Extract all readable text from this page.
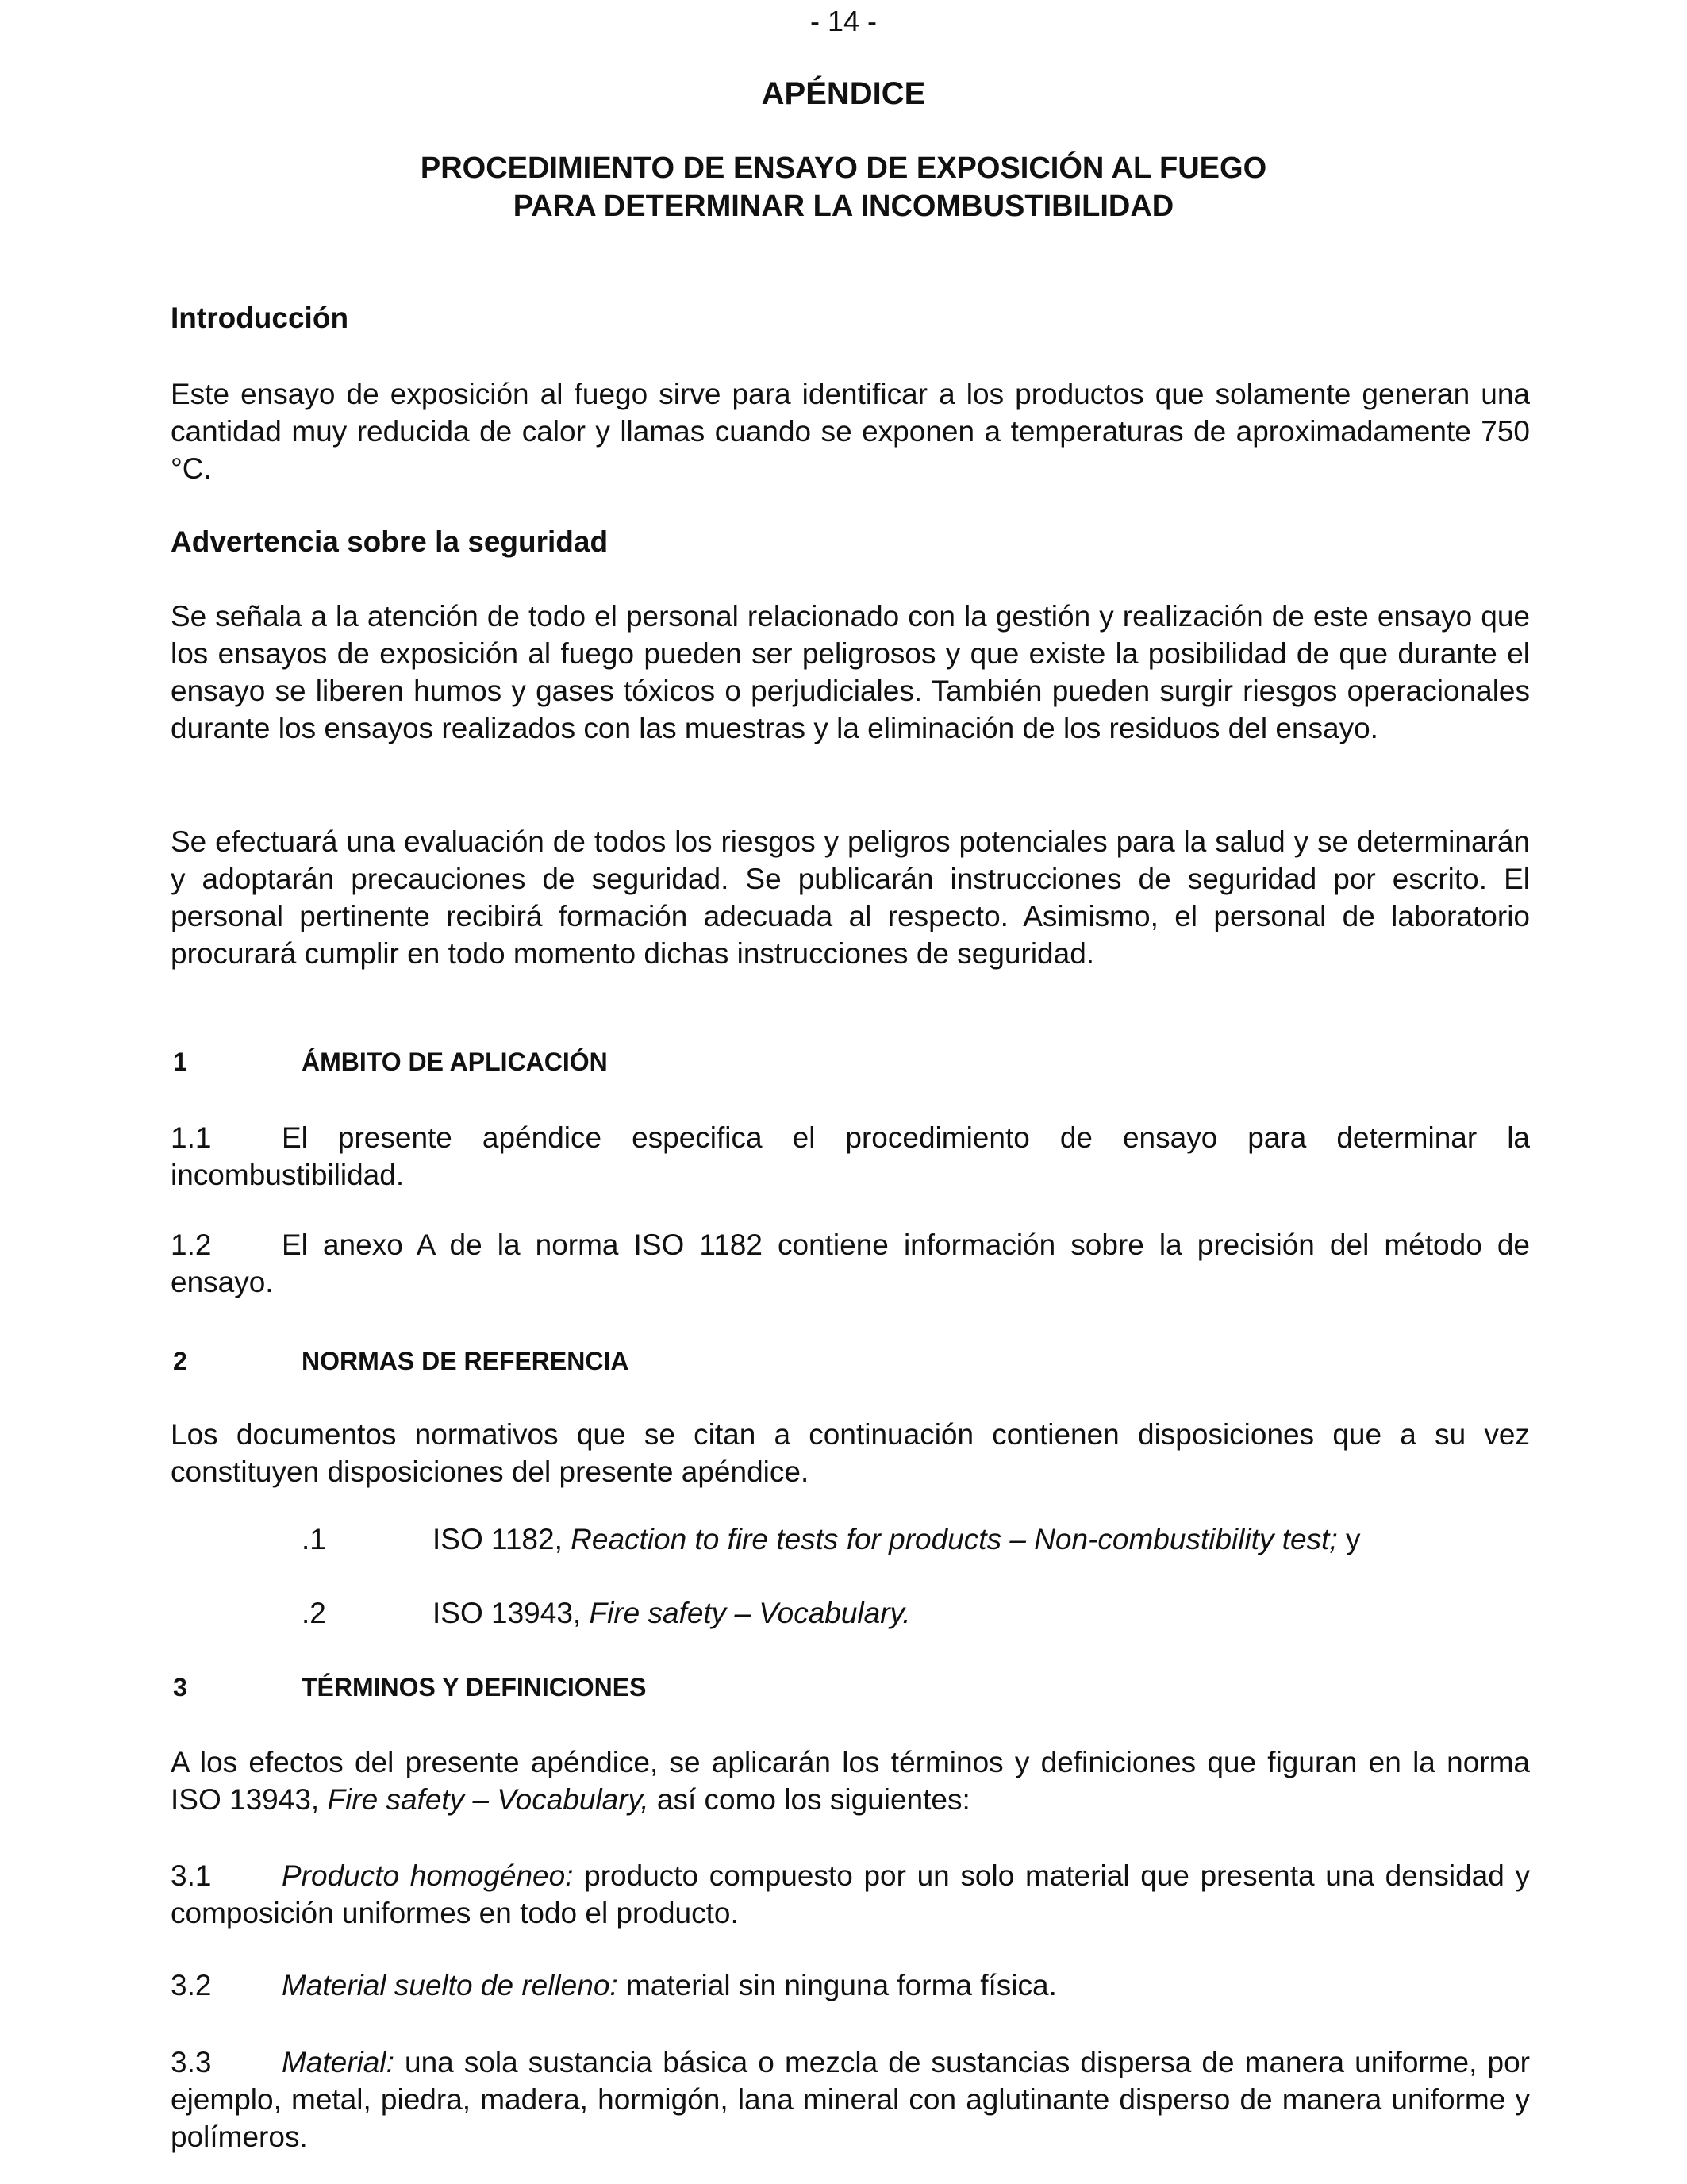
- 14 -
APÉNDICE
PROCEDIMIENTO DE ENSAYO DE EXPOSICIÓN AL FUEGO
PARA DETERMINAR LA INCOMBUSTIBILIDAD
Introducción
Este ensayo de exposición al fuego sirve para identificar a los productos que solamente generan una cantidad muy reducida de calor y llamas cuando se exponen a temperaturas de aproximadamente 750 °C.
Advertencia sobre la seguridad
Se señala a la atención de todo el personal relacionado con la gestión y realización de este ensayo que los ensayos de exposición al fuego pueden ser peligrosos y que existe la posibilidad de que durante el ensayo se liberen humos y gases tóxicos o perjudiciales. También pueden surgir riesgos operacionales durante los ensayos realizados con las muestras y la eliminación de los residuos del ensayo.
Se efectuará una evaluación de todos los riesgos y peligros potenciales para la salud y se determinarán y adoptarán precauciones de seguridad. Se publicarán instrucciones de seguridad por escrito. El personal pertinente recibirá formación adecuada al respecto. Asimismo, el personal de laboratorio procurará cumplir en todo momento dichas instrucciones de seguridad.
1	ÁMBITO DE APLICACIÓN
1.1 El presente apéndice especifica el procedimiento de ensayo para determinar la incombustibilidad.
1.2 El anexo A de la norma ISO 1182 contiene información sobre la precisión del método de ensayo.
2	NORMAS DE REFERENCIA
Los documentos normativos que se citan a continuación contienen disposiciones que a su vez constituyen disposiciones del presente apéndice.
.1	ISO 1182, Reaction to fire tests for products – Non-combustibility test; y
.2	ISO 13943, Fire safety – Vocabulary.
3	TÉRMINOS Y DEFINICIONES
A los efectos del presente apéndice, se aplicarán los términos y definiciones que figuran en la norma ISO 13943, Fire safety – Vocabulary, así como los siguientes:
3.1 Producto homogéneo: producto compuesto por un solo material que presenta una densidad y composición uniformes en todo el producto.
3.2 Material suelto de relleno: material sin ninguna forma física.
3.3 Material: una sola sustancia básica o mezcla de sustancias dispersa de manera uniforme, por ejemplo, metal, piedra, madera, hormigón, lana mineral con aglutinante disperso de manera uniforme y polímeros.
